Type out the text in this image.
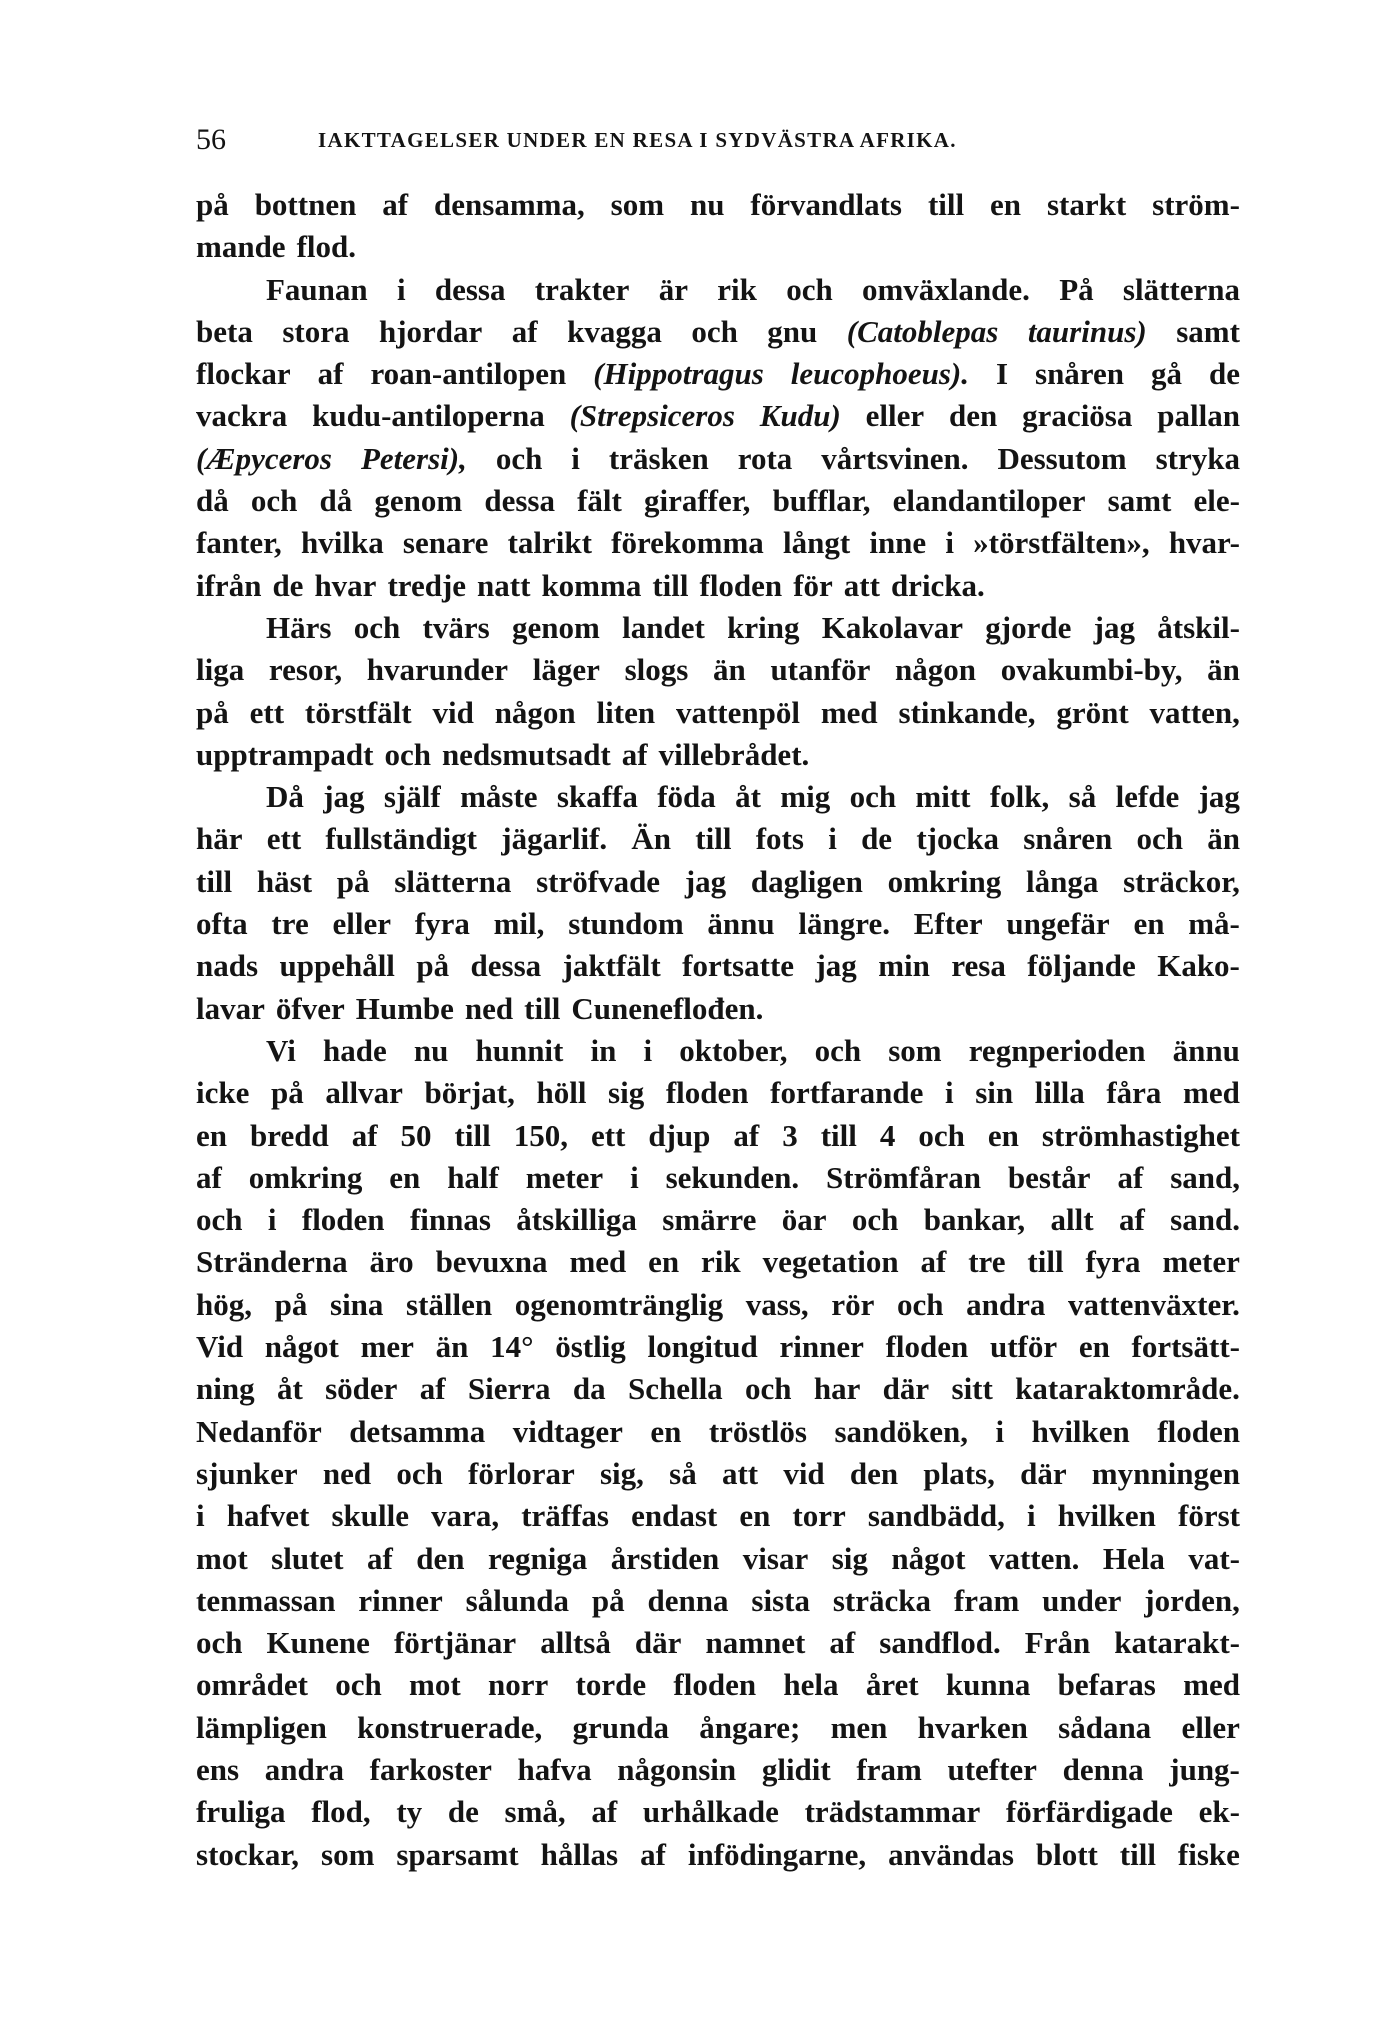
56	IAKTTAGELSER UNDER EN RESA I SYDVÄSTRA AFRIKA.
på bottnen af densamma, som nu förvandlats till en starkt ström-
mande flod.
Faunan i dessa trakter är rik och omväxlande. På slätterna
beta stora hjordar af kvagga och gnu (Catoblepas taurinus) samt
flockar af roan-antilopen (Hippotragus leucophoeus). I snåren gå de
vackra kudu-antiloperna (Strepsiceros Kudu) eller den graciösa pallan
(Æpyceros Petersi), och i träsken rota vårtsvinen. Dessutom stryka
då och då genom dessa fält giraffer, bufflar, elandantiloper samt ele-
fanter, hvilka senare talrikt förekomma långt inne i »törstfälten», hvar-
ifrån de hvar tredje natt komma till floden för att dricka.
Härs och tvärs genom landet kring Kakolavar gjorde jag åtskil-
liga resor, hvarunder läger slogs än utanför någon ovakumbi-by, än
på ett törstfält vid någon liten vattenpöl med stinkande, grönt vatten,
upptrampadt och nedsmutsadt af villebrådet.
Då jag själf måste skaffa föda åt mig och mitt folk, så lefde jag
här ett fullständigt jägarlif. Än till fots i de tjocka snåren och än
till häst på slätterna ströfvade jag dagligen omkring långa sträckor,
ofta tre eller fyra mil, stundom ännu längre. Efter ungefär en må-
nads uppehåll på dessa jaktfält fortsatte jag min resa följande Kako-
lavar öfver Humbe ned till Cuneneflođen.
Vi hade nu hunnit in i oktober, och som regnperioden ännu
icke på allvar börjat, höll sig floden fortfarande i sin lilla fåra med
en bredd af 50 till 150, ett djup af 3 till 4 och en strömhastighet
af omkring en half meter i sekunden. Strömfåran består af sand,
och i floden finnas åtskilliga smärre öar och bankar, allt af sand.
Stränderna äro bevuxna med en rik vegetation af tre till fyra meter
hög, på sina ställen ogenomtränglig vass, rör och andra vattenväxter.
Vid något mer än 14° östlig longitud rinner floden utför en fortsätt-
ning åt söder af Sierra da Schella och har där sitt kataraktområde.
Nedanför detsamma vidtager en tröstlös sandöken, i hvilken floden
sjunker ned och förlorar sig, så att vid den plats, där mynningen
i hafvet skulle vara, träffas endast en torr sandbädd, i hvilken först
mot slutet af den regniga årstiden visar sig något vatten. Hela vat-
tenmassan rinner sålunda på denna sista sträcka fram under jorden,
och Kunene förtjänar alltså där namnet af sandflod. Från katarakt-
området och mot norr torde floden hela året kunna befaras med
lämpligen konstruerade, grunda ångare; men hvarken sådana eller
ens andra farkoster hafva någonsin glidit fram utefter denna jung-
fruliga flod, ty de små, af urhålkade trädstammar förfärdigade ek-
stockar, som sparsamt hållas af infödingarne, användas blott till fiske
